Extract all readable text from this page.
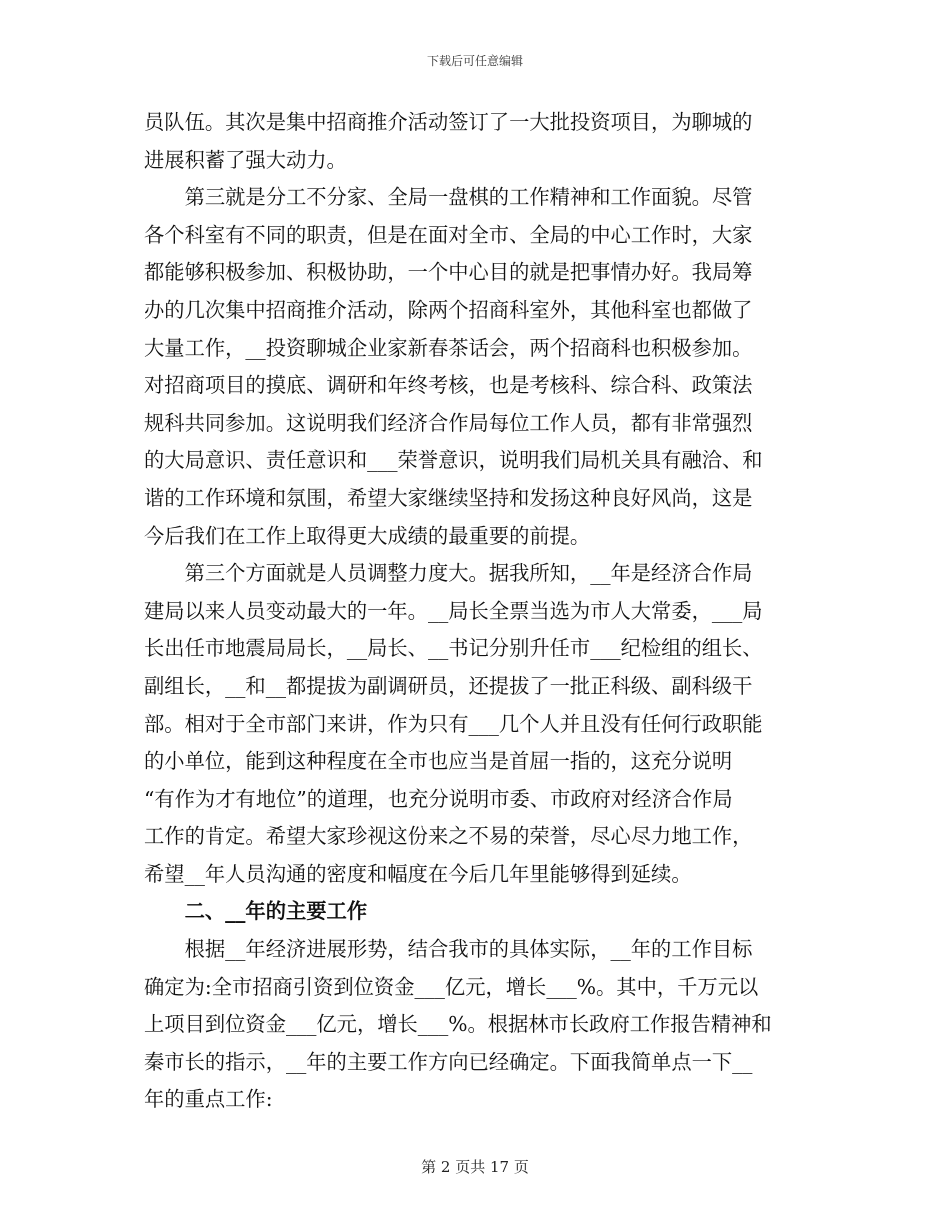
下载后可任意编辑
员队伍。其次是集中招商推介活动签订了一大批投资项目，为聊城的
进展积蓄了强大动力。
　　第三就是分工不分家、全局一盘棋的工作精神和工作面貌。尽管
各个科室有不同的职责，但是在面对全市、全局的中心工作时，大家
都能够积极参加、积极协助，一个中心目的就是把事情办好。我局筹
办的几次集中招商推介活动，除两个招商科室外，其他科室也都做了
大量工作，__投资聊城企业家新春茶话会，两个招商科也积极参加。
对招商项目的摸底、调研和年终考核，也是考核科、综合科、政策法
规科共同参加。这说明我们经济合作局每位工作人员，都有非常强烈
的大局意识、责任意识和___荣誉意识，说明我们局机关具有融洽、和
谐的工作环境和氛围，希望大家继续坚持和发扬这种良好风尚，这是
今后我们在工作上取得更大成绩的最重要的前提。
　　第三个方面就是人员调整力度大。据我所知，__年是经济合作局
建局以来人员变动最大的一年。__局长全票当选为市人大常委，___局
长出任市地震局局长，__局长、__书记分别升任市___纪检组的组长、
副组长，__和__都提拔为副调研员，还提拔了一批正科级、副科级干
部。相对于全市部门来讲，作为只有___几个人并且没有任何行政职能
的小单位，能到这种程度在全市也应当是首屈一指的，这充分说明
“有作为才有地位”的道理，也充分说明市委、市政府对经济合作局
工作的肯定。希望大家珍视这份来之不易的荣誉，尽心尽力地工作，
希望__年人员沟通的密度和幅度在今后几年里能够得到延续。
　　二、__年的主要工作
　　根据__年经济进展形势，结合我市的具体实际，__年的工作目标
确定为:全市招商引资到位资金___亿元，增长___%。其中，千万元以
上项目到位资金___亿元，增长___%。根据林市长政府工作报告精神和
秦市长的指示，__年的主要工作方向已经确定。下面我简单点一下__
年的重点工作:
第 2 页共 17 页
